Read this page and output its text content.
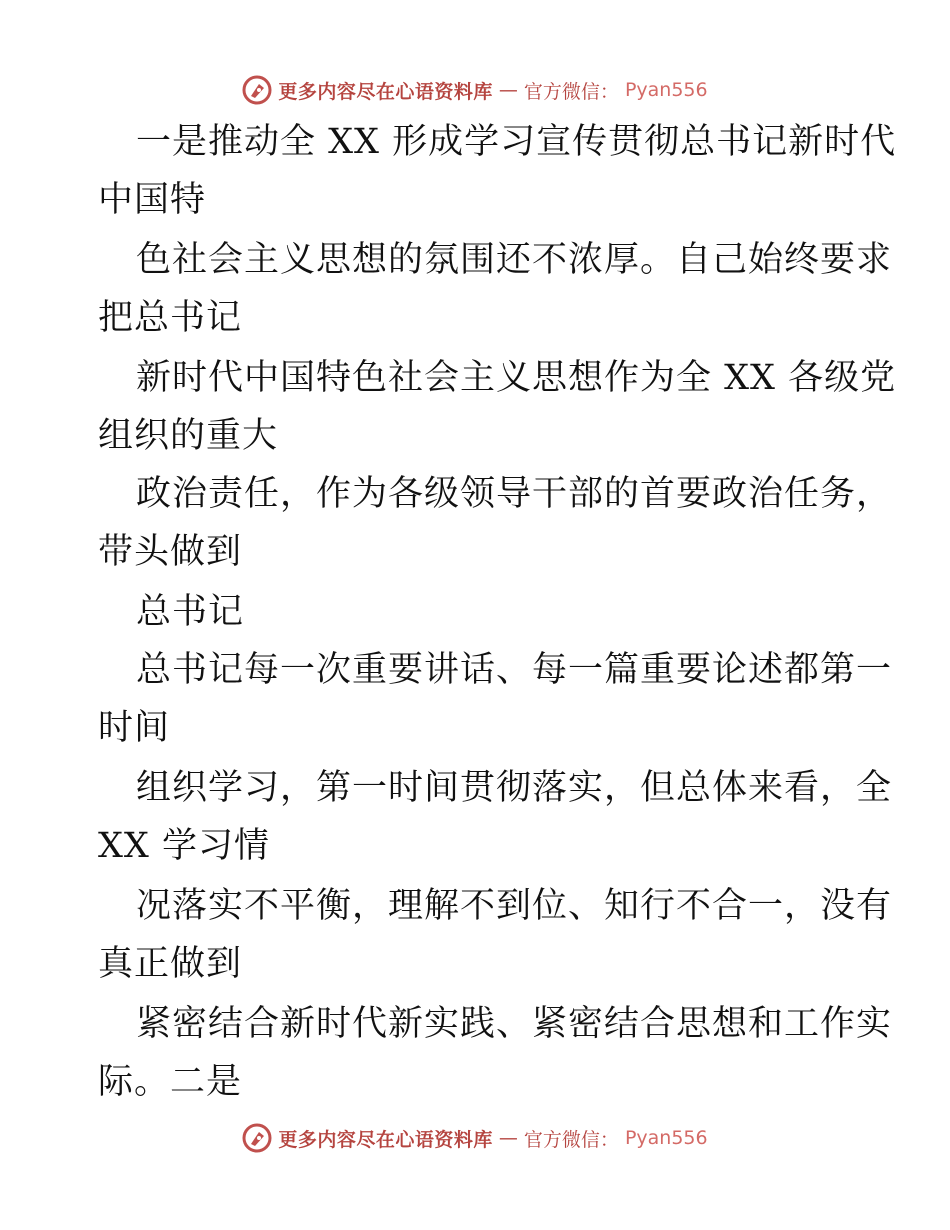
更多内容尽在心语资料库 — 官方微信： Pyan556
一是推动全 XX 形成学习宣传贯彻总书记新时代
中国特
色社会主义思想的氛围还不浓厚。自己始终要求
把总书记
新时代中国特色社会主义思想作为全 XX 各级党
组织的重大
政治责任，作为各级领导干部的首要政治任务，
带头做到
总书记
总书记每一次重要讲话、每一篇重要论述都第一
时间
组织学习，第一时间贯彻落实，但总体来看，全
XX 学习情
况落实不平衡，理解不到位、知行不合一，没有
真正做到
紧密结合新时代新实践、紧密结合思想和工作实
际。二是
更多内容尽在心语资料库 — 官方微信： Pyan556
